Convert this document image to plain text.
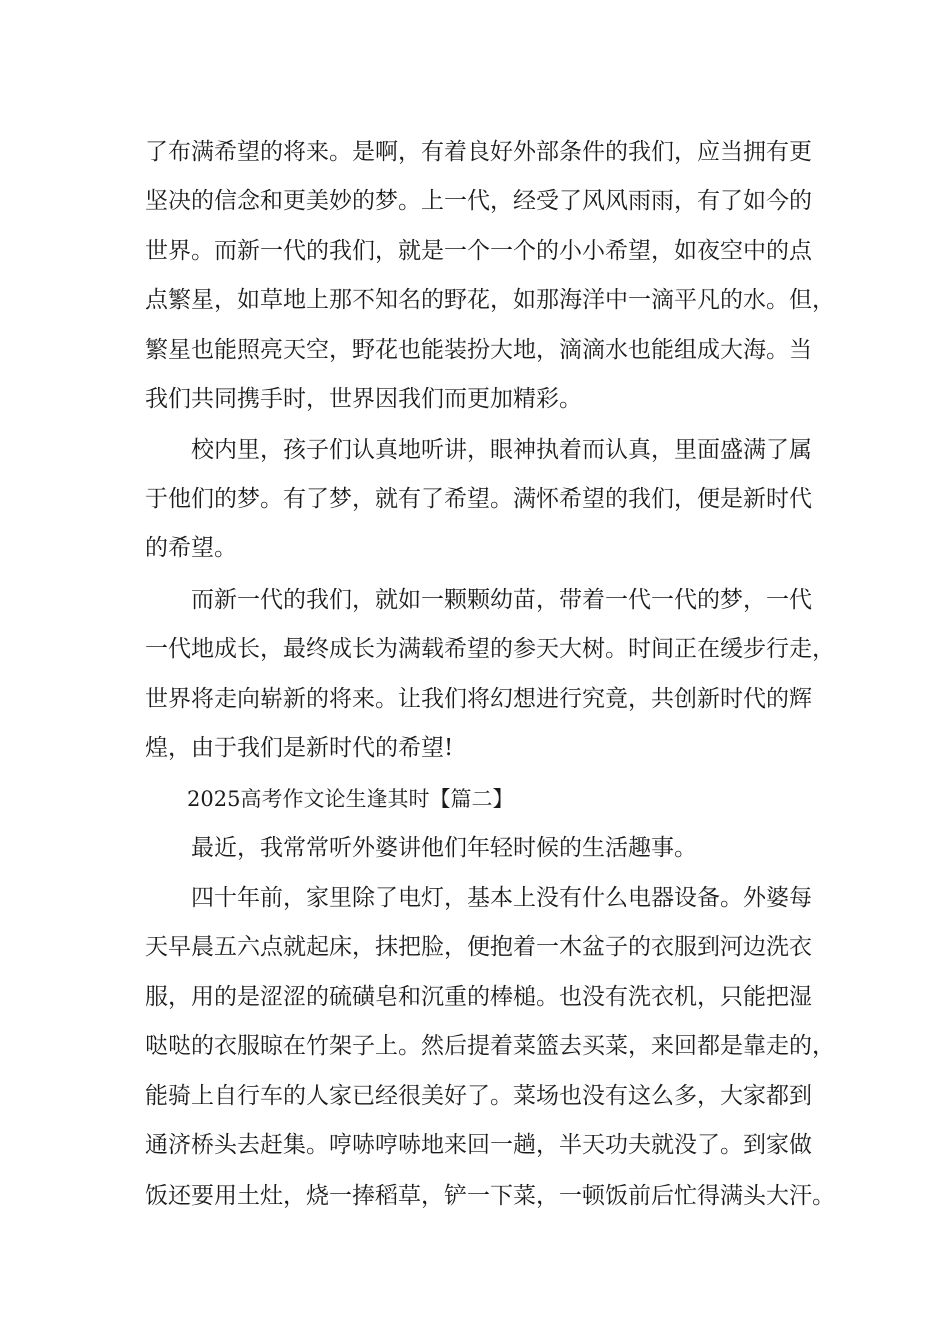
了布满希望的将来。是啊，有着良好外部条件的我们，应当拥有更

坚决的信念和更美妙的梦。上一代，经受了风风雨雨，有了如今的

世界。而新一代的我们，就是一个一个的小小希望，如夜空中的点

点繁星，如草地上那不知名的野花，如那海洋中一滴平凡的水。但，

繁星也能照亮天空，野花也能装扮大地，滴滴水也能组成大海。当

我们共同携手时，世界因我们而更加精彩。

　　校内里，孩子们认真地听讲，眼神执着而认真，里面盛满了属

于他们的梦。有了梦，就有了希望。满怀希望的我们，便是新时代

的希望。

　　而新一代的我们，就如一颗颗幼苗，带着一代一代的梦，一代

一代地成长，最终成长为满载希望的参天大树。时间正在缓步行走，

世界将走向崭新的将来。让我们将幻想进行究竟，共创新时代的辉

煌，由于我们是新时代的希望!

　　2025高考作文论生逢其时【篇二】

　　最近，我常常听外婆讲他们年轻时候的生活趣事。

　　四十年前，家里除了电灯，基本上没有什么电器设备。外婆每

天早晨五六点就起床，抹把脸，便抱着一木盆子的衣服到河边洗衣

服，用的是涩涩的硫磺皂和沉重的棒槌。也没有洗衣机，只能把湿

哒哒的衣服晾在竹架子上。然后提着菜篮去买菜，来回都是靠走的，

能骑上自行车的人家已经很美好了。菜场也没有这么多，大家都到

通济桥头去赶集。哼哧哼哧地来回一趟，半天功夫就没了。到家做

饭还要用土灶，烧一捧稻草，铲一下菜，一顿饭前后忙得满头大汗。
